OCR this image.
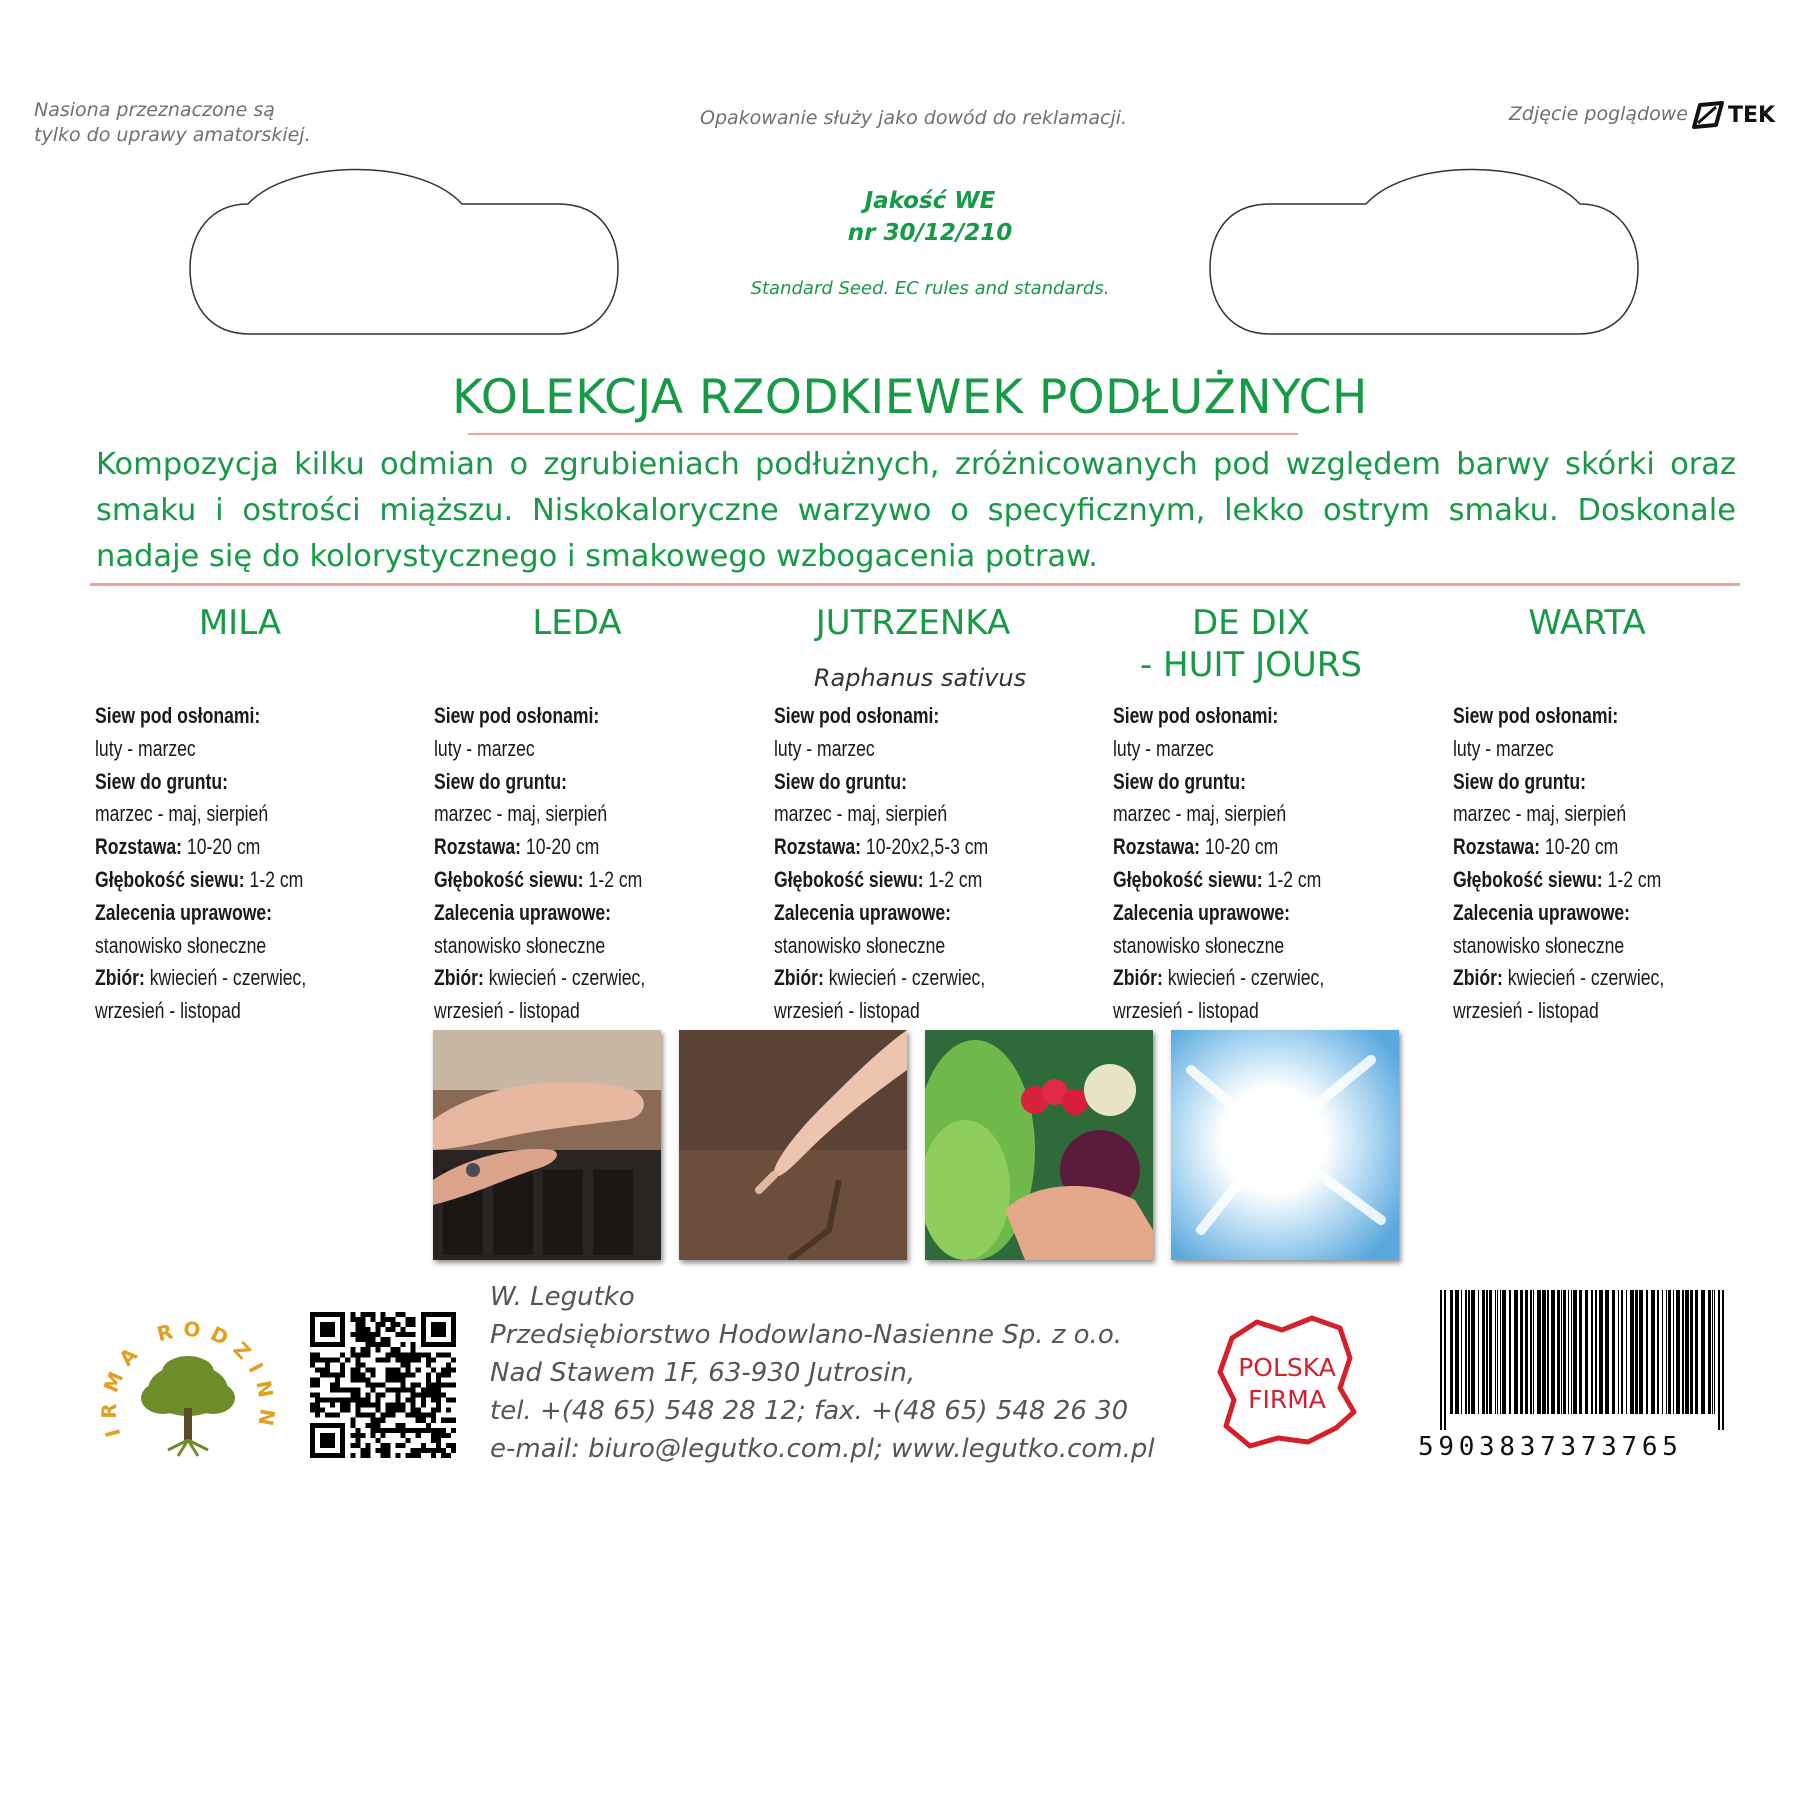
Nasiona przeznaczone są
tylko do uprawy amatorskiej.
Opakowanie służy jako dowód do reklamacji.	Zdjęcie poglądowe TEK
Jakość WE
nr 30/12/210
Standard Seed. EC rules and standards.
KOLEKCJA RZODKIEWEK PODŁUŻNYCH
Kompozycja kilku odmian o zgrubieniach podłużnych, zróżnicowanych pod względem barwy skórki oraz smaku i ostrości miąższu. Niskokaloryczne warzywo o specyficznym, lekko ostrym smaku. Doskonale nadaje się do kolorystycznego i smakowego wzbogacenia potraw.
MILA	LEDA	JUTRZENKA	DE DIX
- HUIT JOURS
WARTA
Raphanus sativus
Siew pod osłonami:
luty - marzec
Siew do gruntu:
marzec - maj, sierpień
Rozstawa: 10-20 cm
Głębokość siewu: 1-2 cm
Zalecenia uprawowe:
stanowisko słoneczne
Zbiór: kwiecień - czerwiec,
wrzesień - listopad
Siew pod osłonami:
luty - marzec
Siew do gruntu:
marzec - maj, sierpień
Rozstawa: 10-20 cm
Głębokość siewu: 1-2 cm
Zalecenia uprawowe:
stanowisko słoneczne
Zbiór: kwiecień - czerwiec,
wrzesień - listopad
Siew pod osłonami:
luty - marzec
Siew do gruntu:
marzec - maj, sierpień
Rozstawa: 10-20x2,5-3 cm
Głębokość siewu: 1-2 cm
Zalecenia uprawowe:
stanowisko słoneczne
Zbiór: kwiecień - czerwiec,
wrzesień - listopad
Siew pod osłonami:
luty - marzec
Siew do gruntu:
marzec - maj, sierpień
Rozstawa: 10-20 cm
Głębokość siewu: 1-2 cm
Zalecenia uprawowe:
stanowisko słoneczne
Zbiór: kwiecień - czerwiec,
wrzesień - listopad
Siew pod osłonami:
luty - marzec
Siew do gruntu:
marzec - maj, sierpień
Rozstawa: 10-20 cm
Głębokość siewu: 1-2 cm
Zalecenia uprawowe:
stanowisko słoneczne
Zbiór: kwiecień - czerwiec,
wrzesień - listopad
IRMA RODZINN
W. Legutko
Przedsiębiorstwo Hodowlano-Nasienne Sp. z o.o.
Nad Stawem 1F, 63-930 Jutrosin,
tel. +(48 65) 548 28 12; fax. +(48 65) 548 26 30
e-mail: biuro@legutko.com.pl; www.legutko.com.pl
POLSKA
FIRMA
5903837373765
